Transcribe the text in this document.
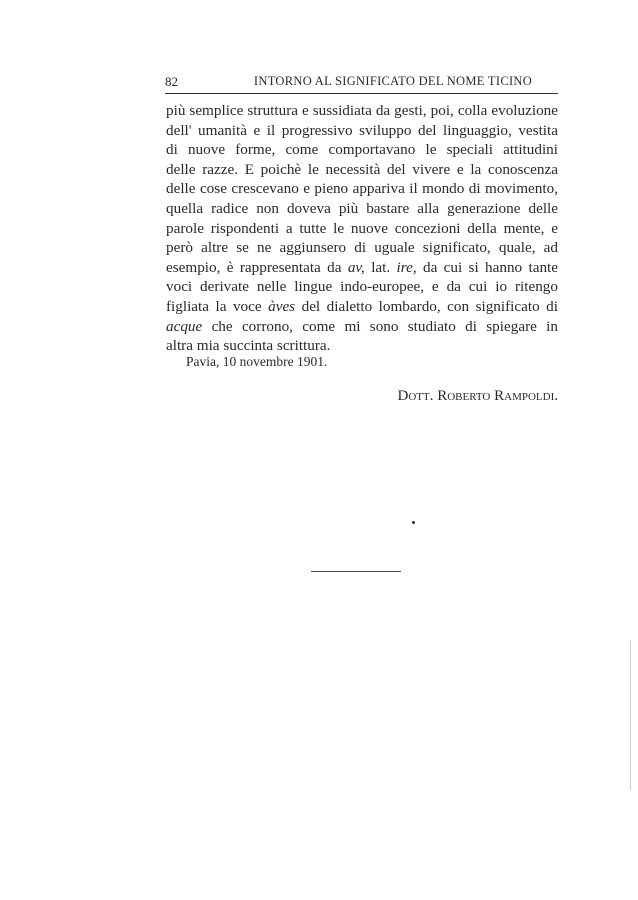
82	INTORNO AL SIGNIFICATO DEL NOME TICINO
più semplice struttura e sussidiata da gesti, poi, colla evoluzione
dell' umanità e il progressivo sviluppo del linguaggio, vestita
di nuove forme, come comportavano le speciali attitudini
delle razze. E poichè le necessità del vivere e la conoscenza
delle cose crescevano e pieno appariva il mondo di movimento,
quella radice non doveva più bastare alla generazione delle
parole rispondenti a tutte le nuove concezioni della mente, e
però altre se ne aggiunsero di uguale significato, quale, ad
esempio, è rappresentata da av, lat. ire, da cui si hanno tante
voci derivate nelle lingue indo-europee, e da cui io ritengo
figliata la voce àves del dialetto lombardo, con significato di
acque che corrono, come mi sono studiato di spiegare in
altra mia succinta scrittura.
Pavia, 10 novembre 1901.
Dott. Roberto Rampoldi.
